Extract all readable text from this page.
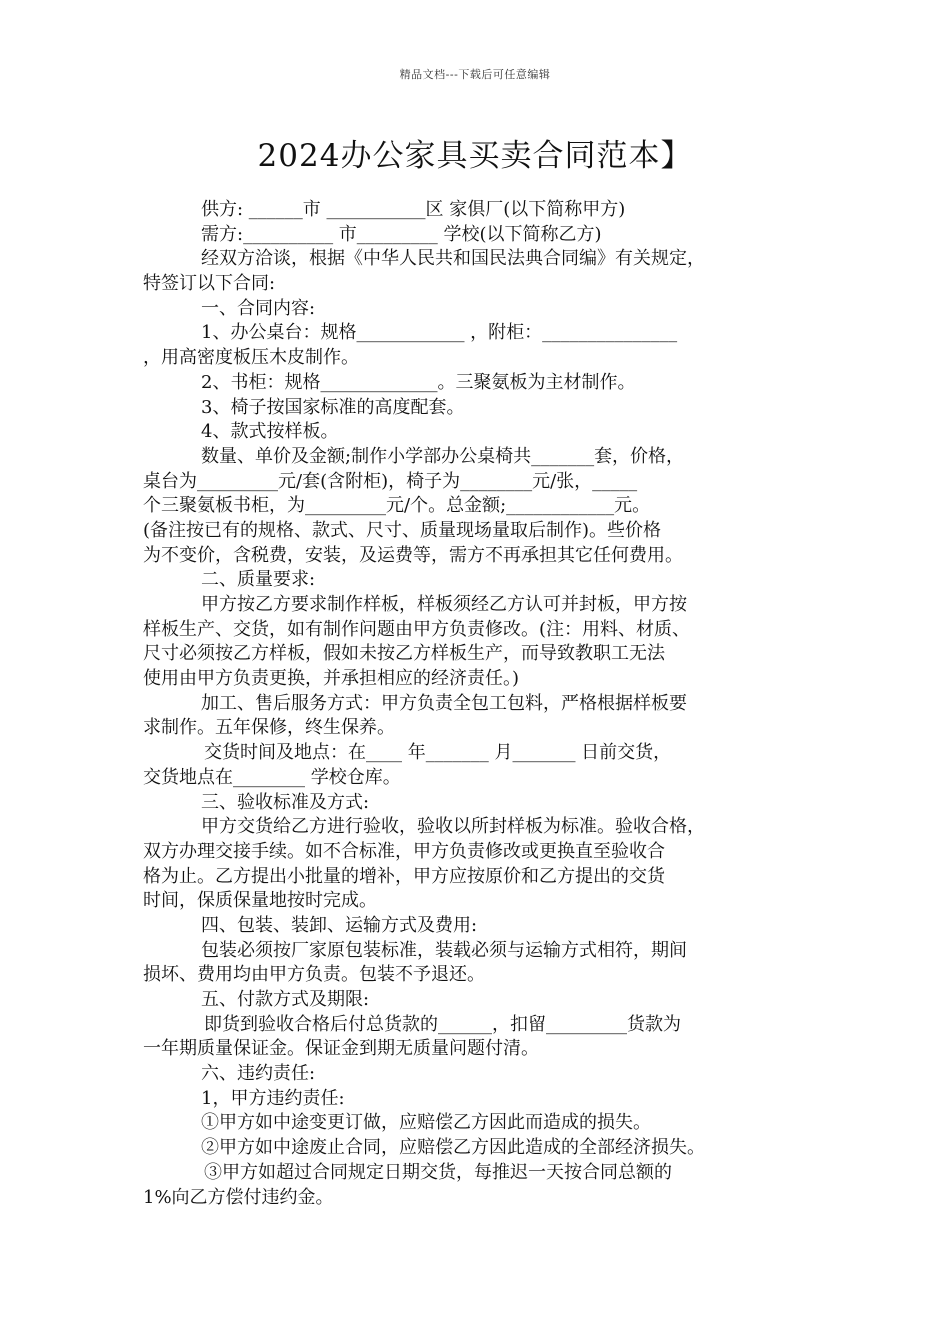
精品文档---下载后可任意编辑
2024办公家具买卖合同范本】
供方: ______市 ___________区 家俱厂(以下简称甲方)
需方:__________ 市_________ 学校(以下简称乙方)
经双方洽谈，根据《中华人民共和国民法典合同编》有关规定，
特签订以下合同:
一、合同内容:
1、办公桌台：规格____________ ，附柜：_______________
，用高密度板压木皮制作。
2、书柜：规格_____________。三聚氨板为主材制作。
3、椅子按国家标准的高度配套。
4、款式按样板。
数量、单价及金额;制作小学部办公桌椅共_______套，价格，
桌台为_________元/套(含附柜)，椅子为________元/张，_____
个三聚氨板书柜，为_________元/个。总金额;____________元。
(备注按已有的规格、款式、尺寸、质量现场量取后制作)。些价格
为不变价，含税费，安装，及运费等，需方不再承担其它任何费用。
二、质量要求:
甲方按乙方要求制作样板，样板须经乙方认可并封板，甲方按
样板生产、交货，如有制作问题由甲方负责修改。(注：用料、材质、
尺寸必须按乙方样板，假如未按乙方样板生产，而导致教职工无法
使用由甲方负责更换，并承担相应的经济责任。)
加工、售后服务方式：甲方负责全包工包料，严格根据样板要
求制作。五年保修，终生保养。
交货时间及地点：在____ 年_______ 月_______ 日前交货，
交货地点在________ 学校仓库。
三、验收标准及方式:
甲方交货给乙方进行验收，验收以所封样板为标准。验收合格，
双方办理交接手续。如不合标准，甲方负责修改或更换直至验收合
格为止。乙方提出小批量的增补，甲方应按原价和乙方提出的交货
时间，保质保量地按时完成。
四、包装、装卸、运输方式及费用:
包装必须按厂家原包装标准，装载必须与运输方式相符，期间
损坏、费用均由甲方负责。包装不予退还。
五、付款方式及期限:
即货到验收合格后付总货款的______，扣留_________货款为
一年期质量保证金。保证金到期无质量问题付清。
六、违约责任:
1，甲方违约责任:
①甲方如中途变更订做，应赔偿乙方因此而造成的损失。
②甲方如中途废止合同，应赔偿乙方因此造成的全部经济损失。
③甲方如超过合同规定日期交货，每推迟一天按合同总额的
1%向乙方偿付违约金。
